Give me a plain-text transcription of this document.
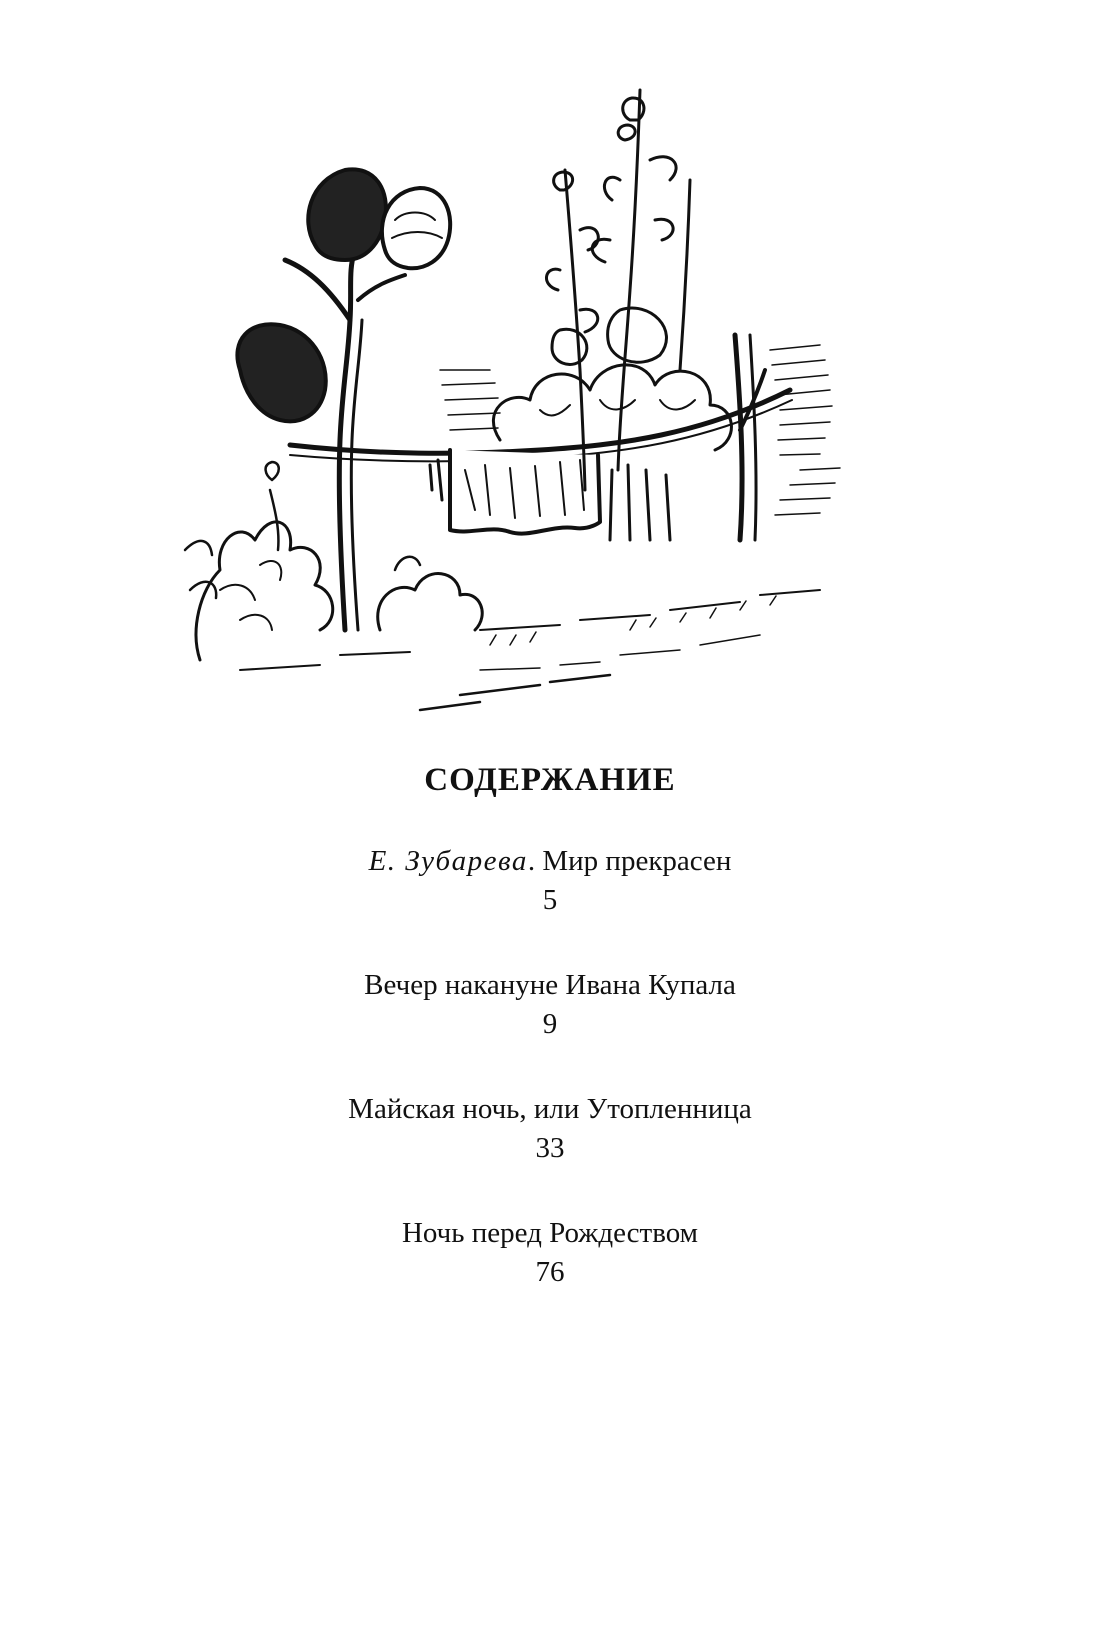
СОДЕРЖАНИЕ
Е. Зубарева. Мир прекрасен
5
Вечер накануне Ивана Купала
9
Майская ночь, или Утопленница
33
Ночь перед Рождеством
76
